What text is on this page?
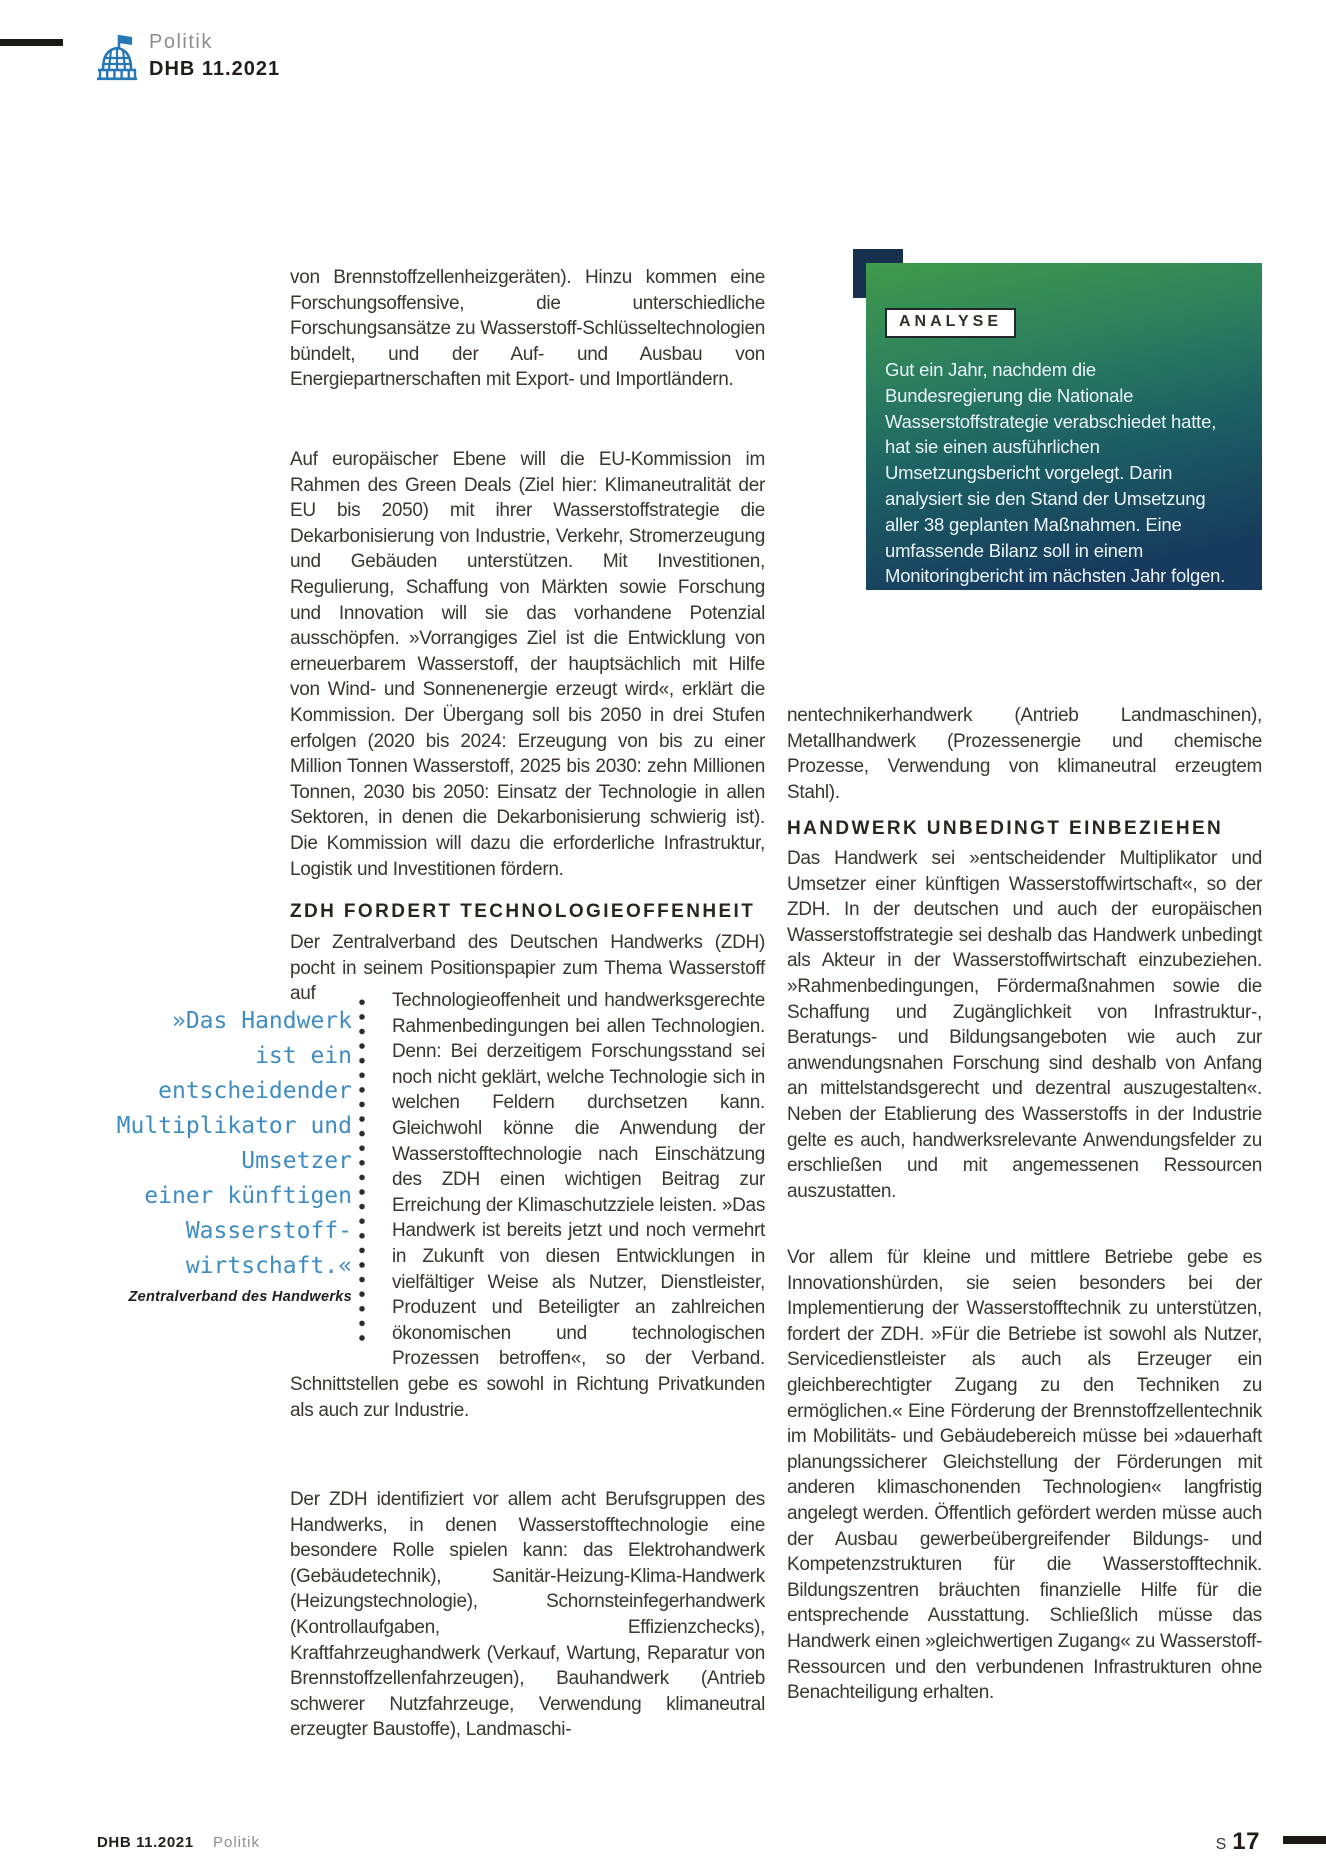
Politik
DHB 11.2021

von Brennstoffzellenheizgeräten). Hinzu kommen eine Forschungsoffensive, die unterschiedliche Forschungsansätze zu Wasserstoff-Schlüsseltechnologien bündelt, und der Auf- und Ausbau von Energiepartnerschaften mit Export- und Importländern.

Auf europäischer Ebene will die EU-Kommission im Rahmen des Green Deals (Ziel hier: Klimaneutralität der EU bis 2050) mit ihrer Wasserstoffstrategie die Dekarbonisierung von Industrie, Verkehr, Stromerzeugung und Gebäuden unterstützen. Mit Investitionen, Regulierung, Schaffung von Märkten sowie Forschung und Innovation will sie das vorhandene Potenzial ausschöpfen. »Vorrangiges Ziel ist die Entwicklung von erneuerbarem Wasserstoff, der hauptsächlich mit Hilfe von Wind- und Sonnenenergie erzeugt wird«, erklärt die Kommission. Der Übergang soll bis 2050 in drei Stufen erfolgen (2020 bis 2024: Erzeugung von bis zu einer Million Tonnen Wasserstoff, 2025 bis 2030: zehn Millionen Tonnen, 2030 bis 2050: Einsatz der Technologie in allen Sektoren, in denen die Dekarbonisierung schwierig ist). Die Kommission will dazu die erforderliche Infrastruktur, Logistik und Investitionen fördern.

ZDH FORDERT TECHNOLOGIEOFFENHEIT

Der Zentralverband des Deutschen Handwerks (ZDH) pocht in seinem Positionspapier zum Thema Wasserstoff auf	Technologieoffenheit und handwerksgerechte Rahmenbedingungen bei allen Technologien. Denn: Bei derzeitigem Forschungsstand sei noch nicht geklärt, welche Technologie sich in welchen Feldern durchsetzen kann. Gleichwohl könne die Anwendung der Wasserstofftechnologie nach Einschätzung des ZDH einen wichtigen Beitrag zur Erreichung der Klimaschutzziele leisten. »Das Handwerk ist bereits jetzt und noch vermehrt in Zukunft von diesen Entwicklungen in vielfältiger Weise als Nutzer, Dienstleister, Produzent und Beteiligter an zahlreichen ökonomischen und technologischen Prozessen betroffen«, so der Verband. Schnittstellen gebe es sowohl in Richtung Privatkunden als auch zur Industrie.

Der ZDH identifiziert vor allem acht Berufsgruppen des Handwerks, in denen Wasserstofftechnologie eine besondere Rolle spielen kann: das Elektrohandwerk (Gebäudetechnik), Sanitär-Heizung-Klima-Handwerk (Heizungstechnologie), Schornsteinfegerhandwerk (Kontrollaufgaben, Effizienzchecks), Kraftfahrzeughandwerk (Verkauf, Wartung, Reparatur von Brennstoffzellenfahrzeugen), Bauhandwerk (Antrieb schwerer Nutzfahrzeuge, Verwendung klimaneutral erzeugter Baustoffe), Landmaschi-

»Das Handwerk
ist ein
entscheidender
Multiplikator und
Umsetzer
einer künftigen
Wasserstoff-
wirtschaft.«
Zentralverband des Handwerks
ANALYSE

Gut ein Jahr, nachdem die Bundesregierung die Nationale Wasserstoffstrategie verabschiedet hatte, hat sie einen ausführlichen Umsetzungsbericht vorgelegt. Darin analysiert sie den Stand der Umsetzung aller 38 geplanten Maßnahmen. Eine umfassende Bilanz soll in einem Monitoringbericht im nächsten Jahr folgen.

nentechnikerhandwerk (Antrieb Landmaschinen), Metallhandwerk (Prozessenergie und chemische Prozesse, Verwendung von klimaneutral erzeugtem Stahl).

HANDWERK UNBEDINGT EINBEZIEHEN

Das Handwerk sei »entscheidender Multiplikator und Umsetzer einer künftigen Wasserstoffwirtschaft«, so der ZDH. In der deutschen und auch der europäischen Wasserstoffstrategie sei deshalb das Handwerk unbedingt als Akteur in der Wasserstoffwirtschaft einzubeziehen. »Rahmenbedingungen, Fördermaßnahmen sowie die Schaffung und Zugänglichkeit von Infrastruktur-, Beratungs- und Bildungsangeboten wie auch zur anwendungsnahen Forschung sind deshalb von Anfang an mittelstandsgerecht und dezentral auszugestalten«. Neben der Etablierung des Wasserstoffs in der Industrie gelte es auch, handwerksrelevante Anwendungsfelder zu erschließen und mit angemessenen Ressourcen auszustatten.

Vor allem für kleine und mittlere Betriebe gebe es Innovationshürden, sie seien besonders bei der Implementierung der Wasserstofftechnik zu unterstützen, fordert der ZDH. »Für die Betriebe ist sowohl als Nutzer, Servicedienstleister als auch als Erzeuger ein gleichberechtigter Zugang zu den Techniken zu ermöglichen.« Eine Förderung der Brennstoffzellentechnik im Mobilitäts- und Gebäudebereich müsse bei »dauerhaft planungssicherer Gleichstellung der Förderungen mit anderen klimaschonenden Technologien« langfristig angelegt werden. Öffentlich gefördert werden müsse auch der Ausbau gewerbeübergreifender Bildungs- und Kompetenzstrukturen für die Wasserstofftechnik. Bildungszentren bräuchten finanzielle Hilfe für die entsprechende Ausstattung. Schließlich müsse das Handwerk einen »gleichwertigen Zugang« zu Wasserstoff-Ressourcen und den verbundenen Infrastrukturen ohne Benachteiligung erhalten.

DHB 11.2021 Politik	S 17
